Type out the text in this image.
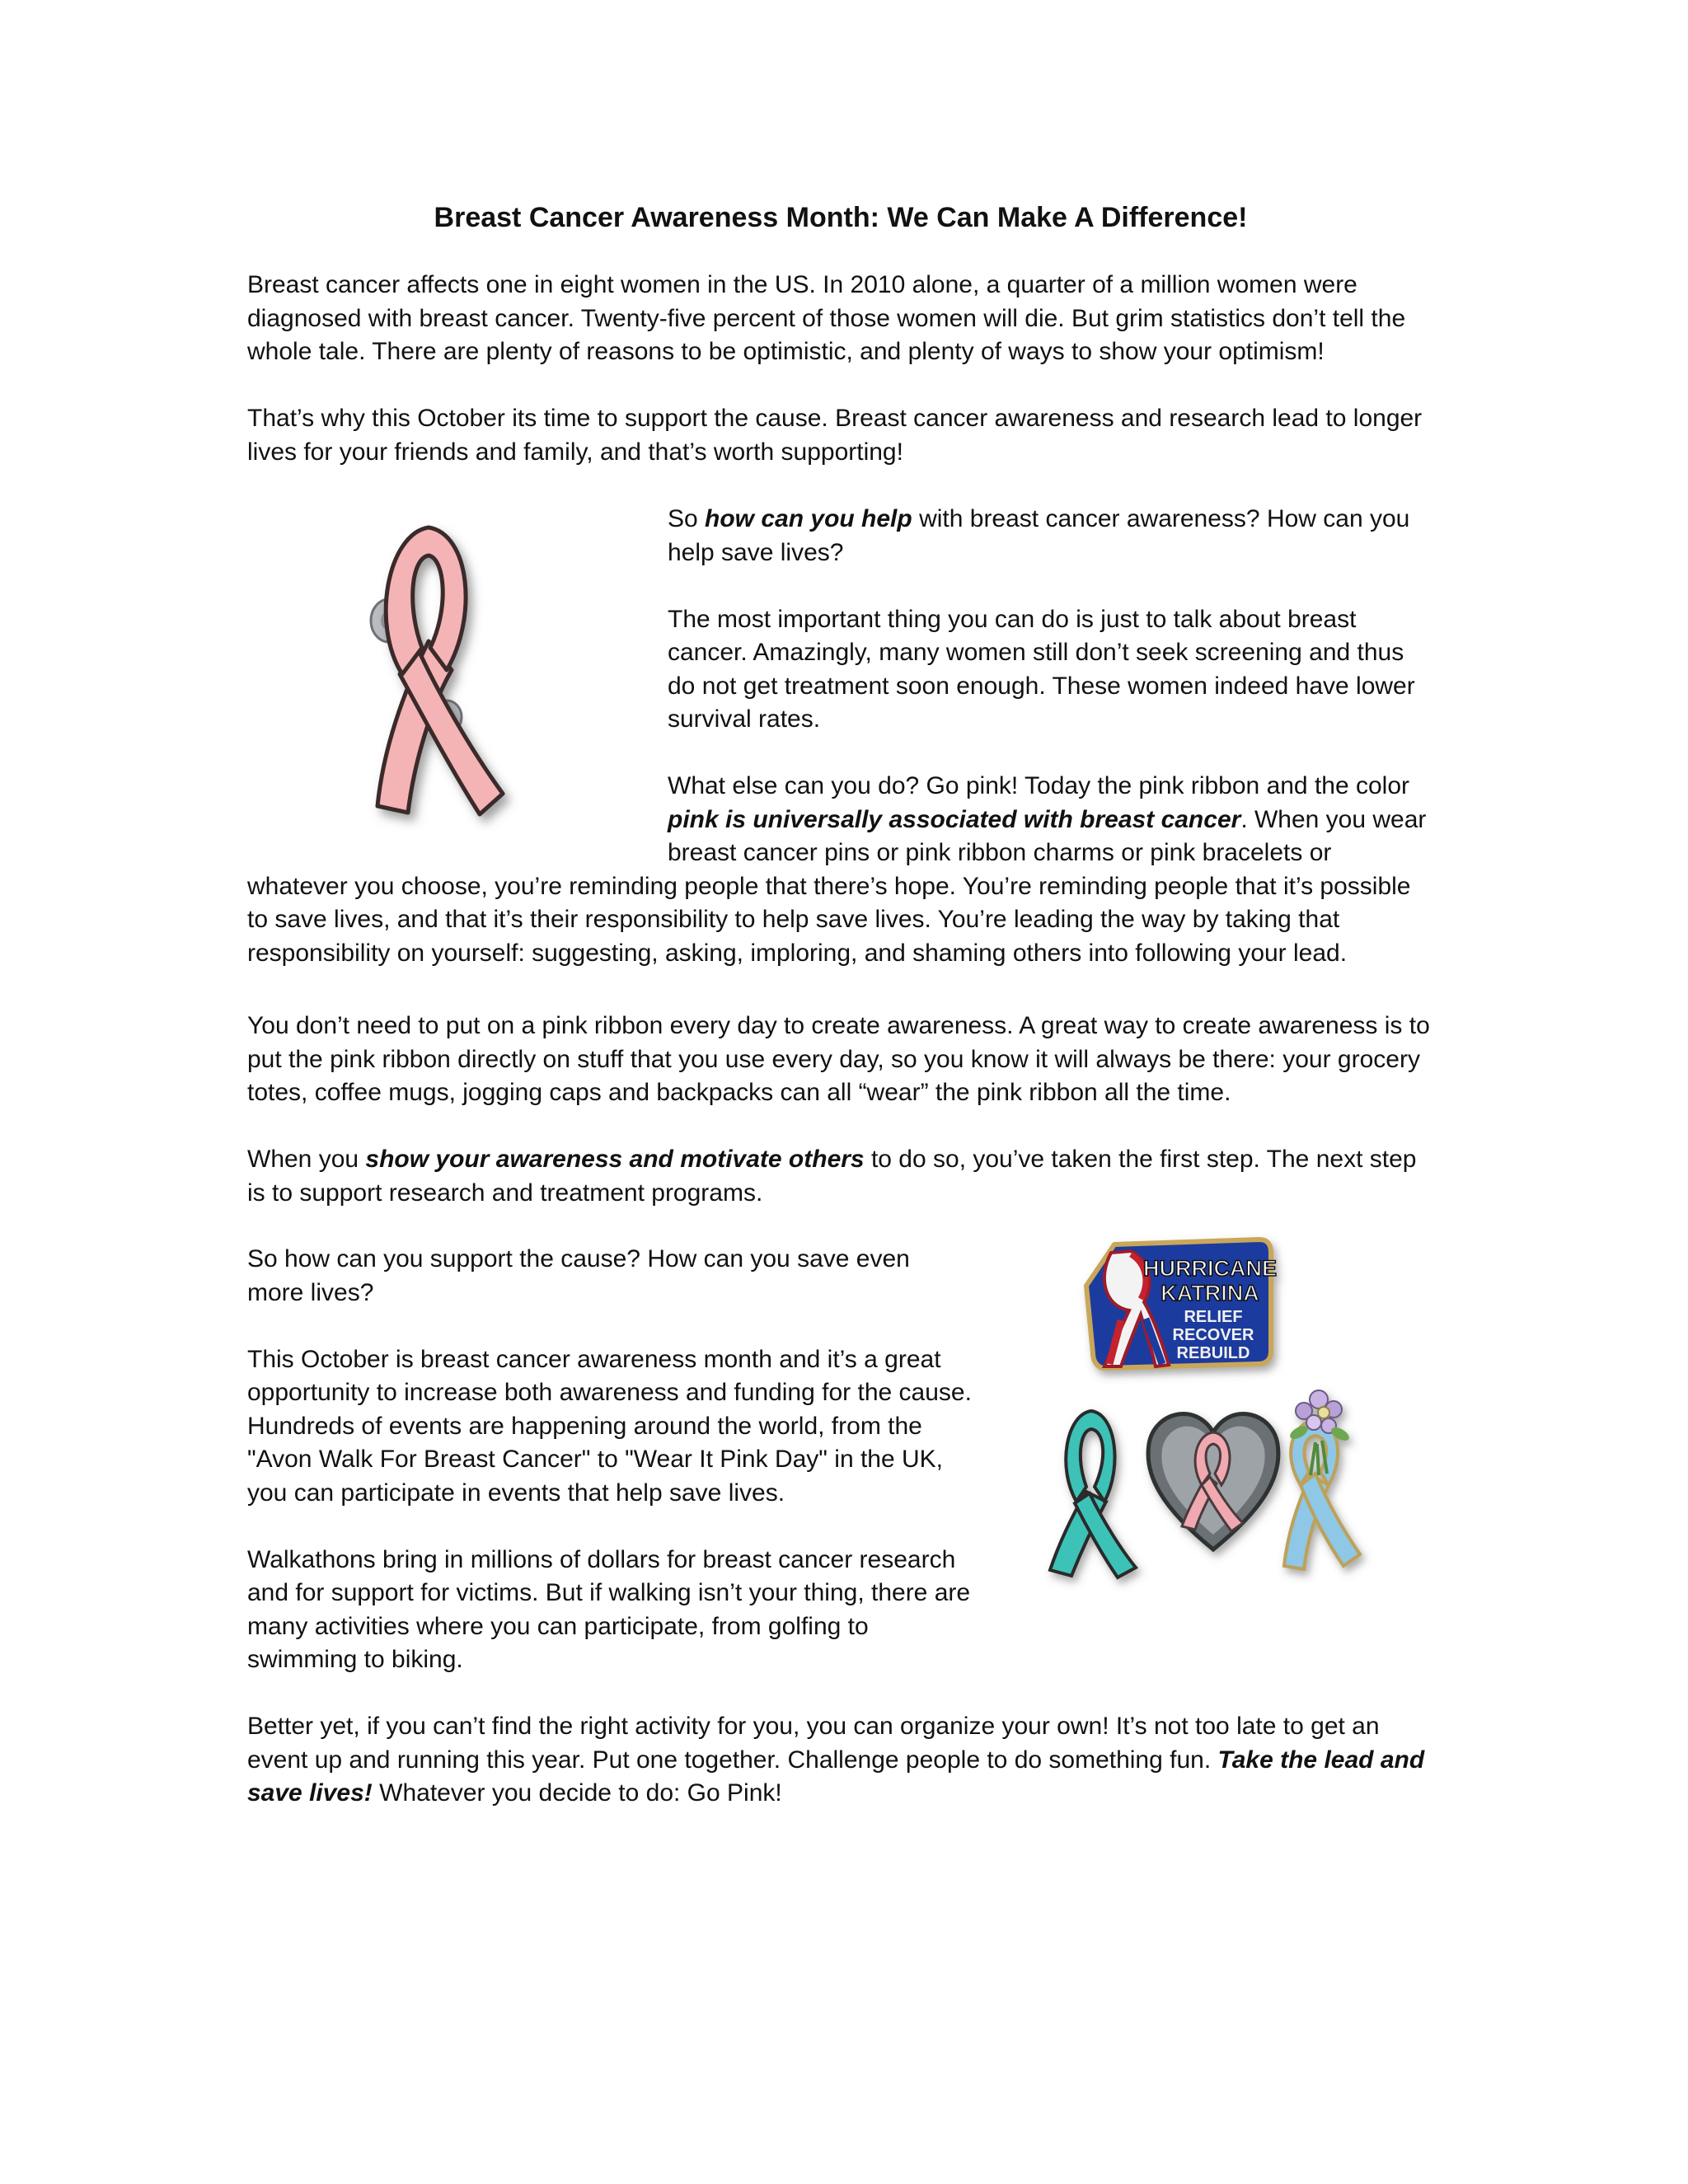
Breast Cancer Awareness Month: We Can Make A Difference!

Breast cancer affects one in eight women in the US. In 2010 alone, a quarter of a million women were diagnosed with breast cancer. Twenty-five percent of those women will die. But grim statistics don’t tell the whole tale. There are plenty of reasons to be optimistic, and plenty of ways to show your optimism!

That’s why this October its time to support the cause. Breast cancer awareness and research lead to longer lives for your friends and family, and that’s worth supporting!

So how can you help with breast cancer awareness? How can you help save lives?

The most important thing you can do is just to talk about breast cancer. Amazingly, many women still don’t seek screening and thus do not get treatment soon enough. These women indeed have lower survival rates.

What else can you do? Go pink! Today the pink ribbon and the color pink is universally associated with breast cancer. When you wear breast cancer pins or pink ribbon charms or pink bracelets or whatever you choose, you’re reminding people that there’s hope. You’re reminding people that it’s possible to save lives, and that it’s their responsibility to help save lives. You’re leading the way by taking that responsibility on yourself: suggesting, asking, imploring, and shaming others into following your lead.

You don’t need to put on a pink ribbon every day to create awareness. A great way to create awareness is to put the pink ribbon directly on stuff that you use every day, so you know it will always be there: your grocery totes, coffee mugs, jogging caps and backpacks can all “wear” the pink ribbon all the time.

When you show your awareness and motivate others to do so, you’ve taken the first step. The next step is to support research and treatment programs.

So how can you support the cause? How can you save even more lives?

This October is breast cancer awareness month and it’s a great opportunity to increase both awareness and funding for the cause. Hundreds of events are happening around the world, from the "Avon Walk For Breast Cancer" to "Wear It Pink Day" in the UK, you can participate in events that help save lives.

Walkathons bring in millions of dollars for breast cancer research and for support for victims. But if walking isn’t your thing, there are many activities where you can participate, from golfing to swimming to biking.

Better yet, if you can’t find the right activity for you, you can organize your own! It’s not too late to get an event up and running this year. Put one together. Challenge people to do something fun. Take the lead and save lives! Whatever you decide to do: Go Pink!

HURRICANE
KATRINA
RELIEF
RECOVER
REBUILD
